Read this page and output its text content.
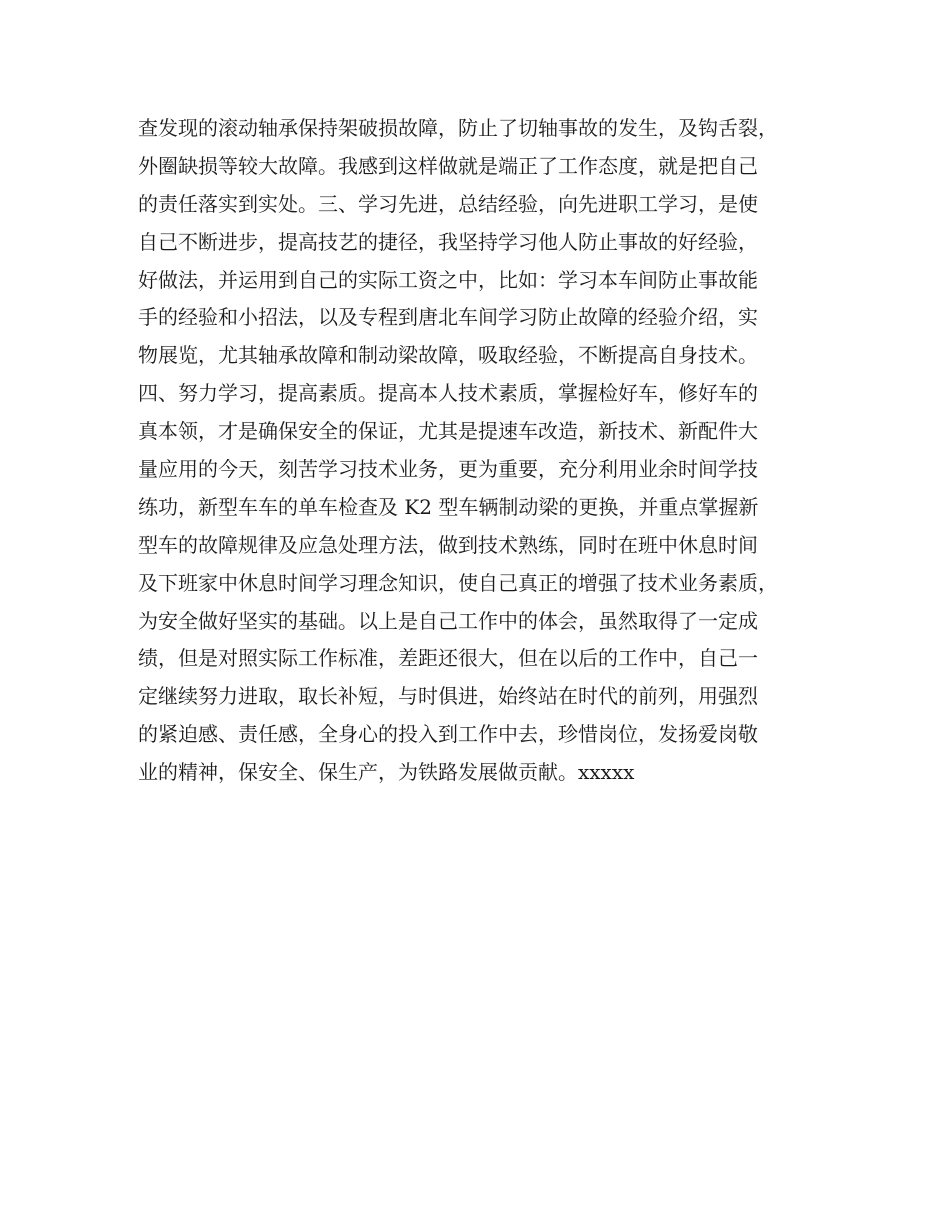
查发现的滚动轴承保持架破损故障，防止了切轴事故的发生，及钩舌裂，
外圈缺损等较大故障。我感到这样做就是端正了工作态度，就是把自己
的责任落实到实处。三、学习先进，总结经验，向先进职工学习，是使
自己不断进步，提高技艺的捷径，我坚持学习他人防止事故的好经验，
好做法，并运用到自己的实际工资之中，比如：学习本车间防止事故能
手的经验和小招法，以及专程到唐北车间学习防止故障的经验介绍，实
物展览，尤其轴承故障和制动梁故障，吸取经验，不断提高自身技术。
四、努力学习，提高素质。提高本人技术素质，掌握检好车，修好车的
真本领，才是确保安全的保证，尤其是提速车改造，新技术、新配件大
量应用的今天，刻苦学习技术业务，更为重要，充分利用业余时间学技
练功，新型车车的单车检查及 K2 型车辆制动梁的更换，并重点掌握新
型车的故障规律及应急处理方法，做到技术熟练，同时在班中休息时间
及下班家中休息时间学习理念知识，使自己真正的增强了技术业务素质，
为安全做好坚实的基础。以上是自己工作中的体会，虽然取得了一定成
绩，但是对照实际工作标准，差距还很大，但在以后的工作中，自己一
定继续努力进取，取长补短，与时俱进，始终站在时代的前列，用强烈
的紧迫感、责任感，全身心的投入到工作中去，珍惜岗位，发扬爱岗敬
业的精神，保安全、保生产，为铁路发展做贡献。xxxxx
